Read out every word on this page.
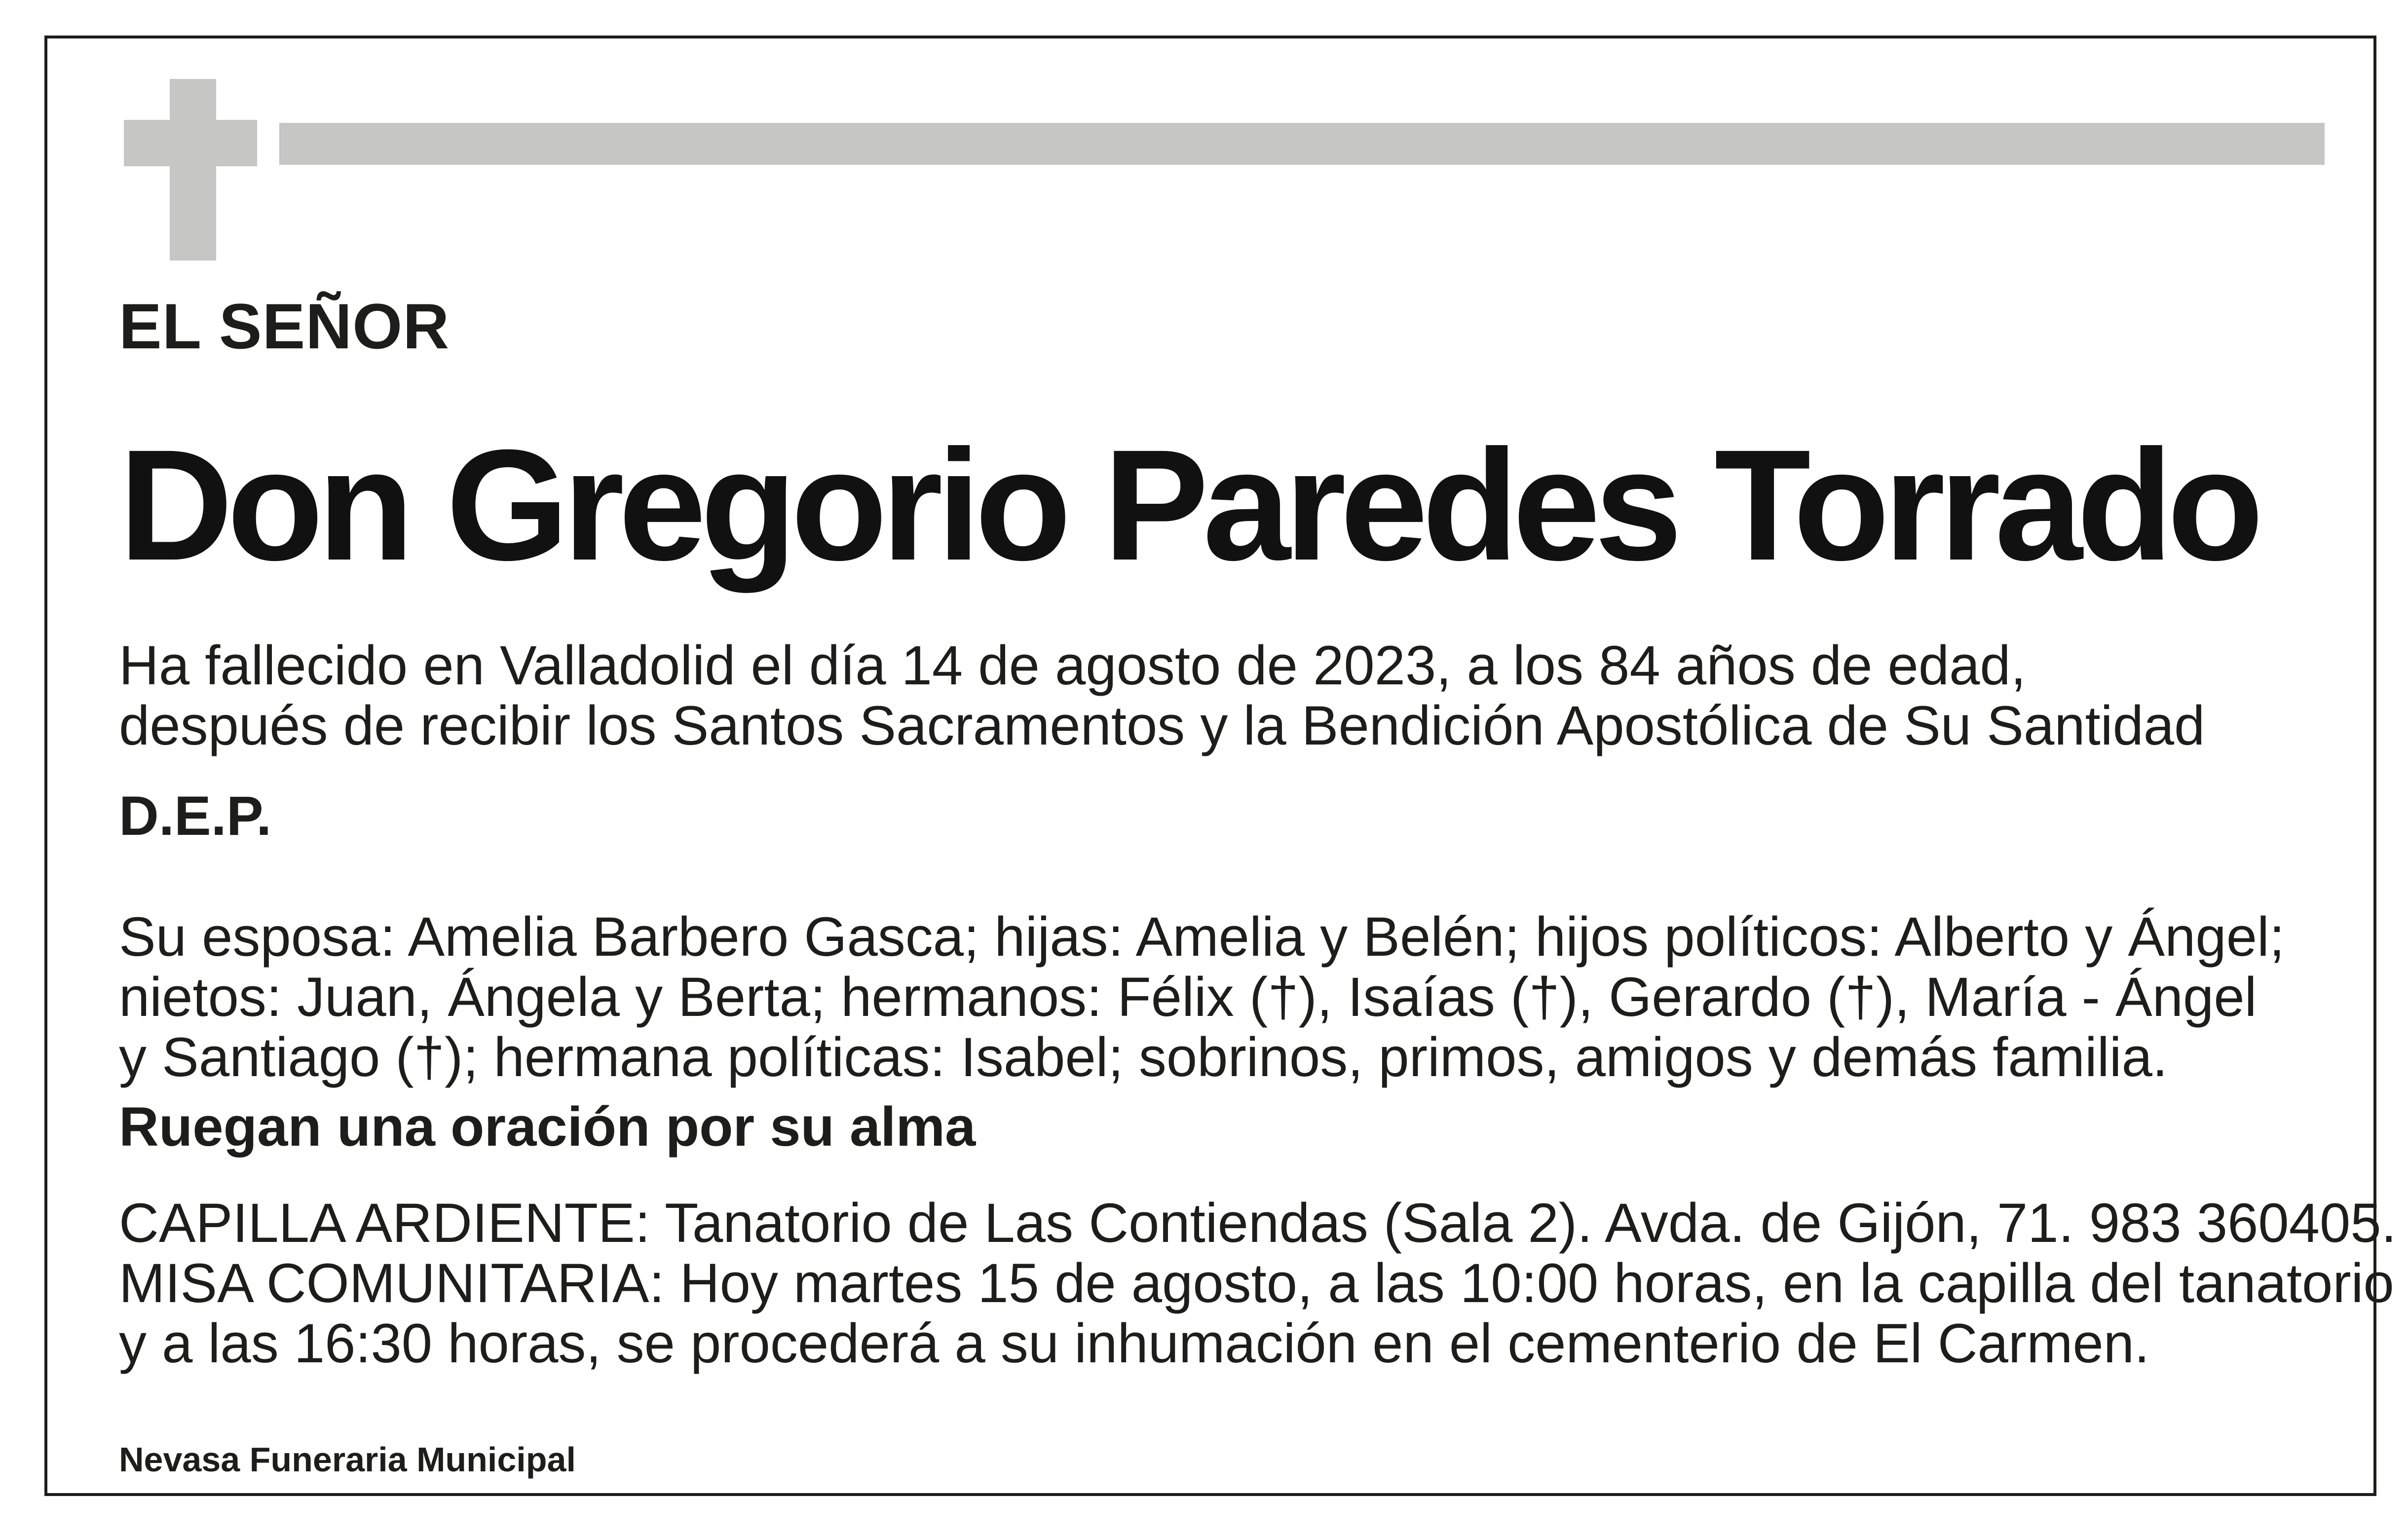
EL SEÑOR

Don Gregorio Paredes Torrado

Ha fallecido en Valladolid el día 14 de agosto de 2023, a los 84 años de edad,
después de recibir los Santos Sacramentos y la Bendición Apostólica de Su Santidad

D.E.P.

Su esposa: Amelia Barbero Gasca; hijas: Amelia y Belén; hijos políticos: Alberto y Ángel;
nietos: Juan, Ángela y Berta; hermanos: Félix (†), Isaías (†), Gerardo (†), María - Ángel
y Santiago (†); hermana políticas: Isabel; sobrinos, primos, amigos y demás familia.

Ruegan una oración por su alma

CAPILLA ARDIENTE: Tanatorio de Las Contiendas (Sala 2). Avda. de Gijón, 71. 983 360405.
MISA COMUNITARIA: Hoy martes 15 de agosto, a las 10:00 horas, en la capilla del tanatorio
y a las 16:30 horas, se procederá a su inhumación en el cementerio de El Carmen.

Nevasa Funeraria Municipal
